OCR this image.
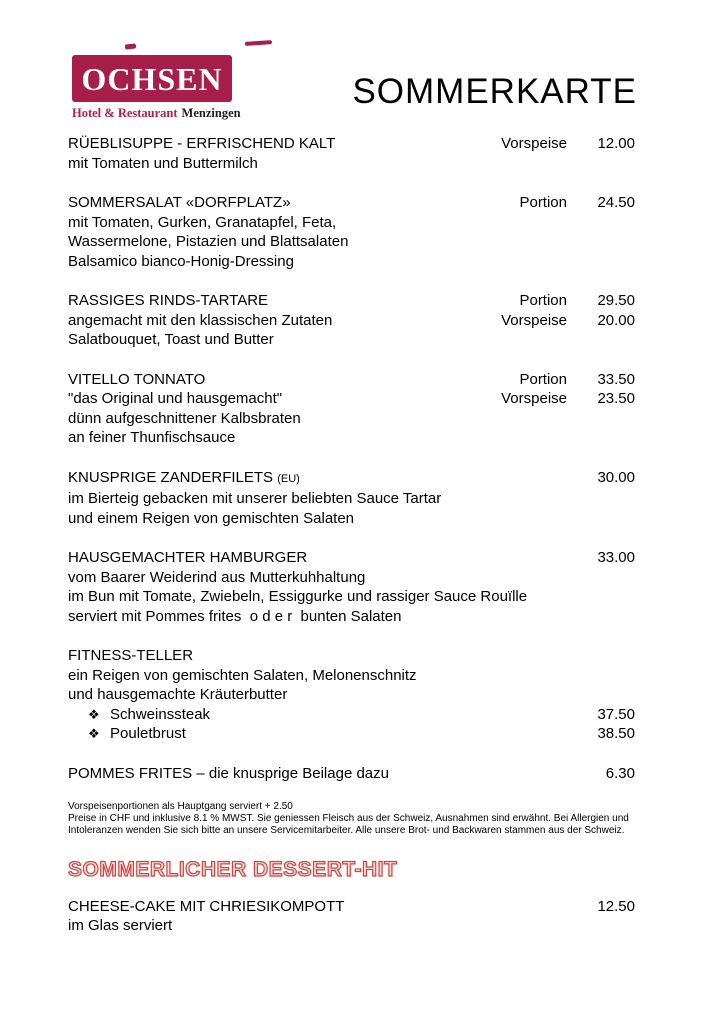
OCHSEN
Hotel & Restaurant Menzingen
SOMMERKARTE
RÜEBLISUPPE - ERFRISCHEND KALT
mit Tomaten und Buttermilch
Vorspeise	12.00
SOMMERSALAT «DORFPLATZ»
mit Tomaten, Gurken, Granatapfel, Feta,
Wassermelone, Pistazien und Blattsalaten
Balsamico bianco-Honig-Dressing
Portion	24.50
RASSIGES RINDS-TARTARE
angemacht mit den klassischen Zutaten
Salatbouquet, Toast und Butter
Portion	29.50
Vorspeise	20.00
VITELLO TONNATO
"das Original und hausgemacht"
dünn aufgeschnittener Kalbsbraten
an feiner Thunfischsauce
Portion	33.50
Vorspeise	23.50
KNUSPRIGE ZANDERFILETS (EU)
im Bierteig gebacken mit unserer beliebten Sauce Tartar
und einem Reigen von gemischten Salaten
30.00
HAUSGEMACHTER HAMBURGER
vom Baarer Weiderind aus Mutterkuhhaltung
im Bun mit Tomate, Zwiebeln, Essiggurke und rassiger Sauce Rouïlle
serviert mit Pommes frites  o d e r  bunten Salaten
33.00
FITNESS-TELLER
ein Reigen von gemischten Salaten, Melonenschnitz
und hausgemachte Kräuterbutter
❖ Schweinssteak	37.50
❖ Pouletbrust	38.50
POMMES FRITES – die knusprige Beilage dazu	6.30
Vorspeisenportionen als Hauptgang serviert + 2.50
Preise in CHF und inklusive 8.1 % MWST. Sie geniessen Fleisch aus der Schweiz, Ausnahmen sind erwähnt. Bei Allergien und
Intoleranzen wenden Sie sich bitte an unsere Servicemitarbeiter. Alle unsere Brot- und Backwaren stammen aus der Schweiz.
SOMMERLICHER DESSERT-HIT
CHEESE-CAKE MIT CHRIESIKOMPOTT
im Glas serviert
12.50
